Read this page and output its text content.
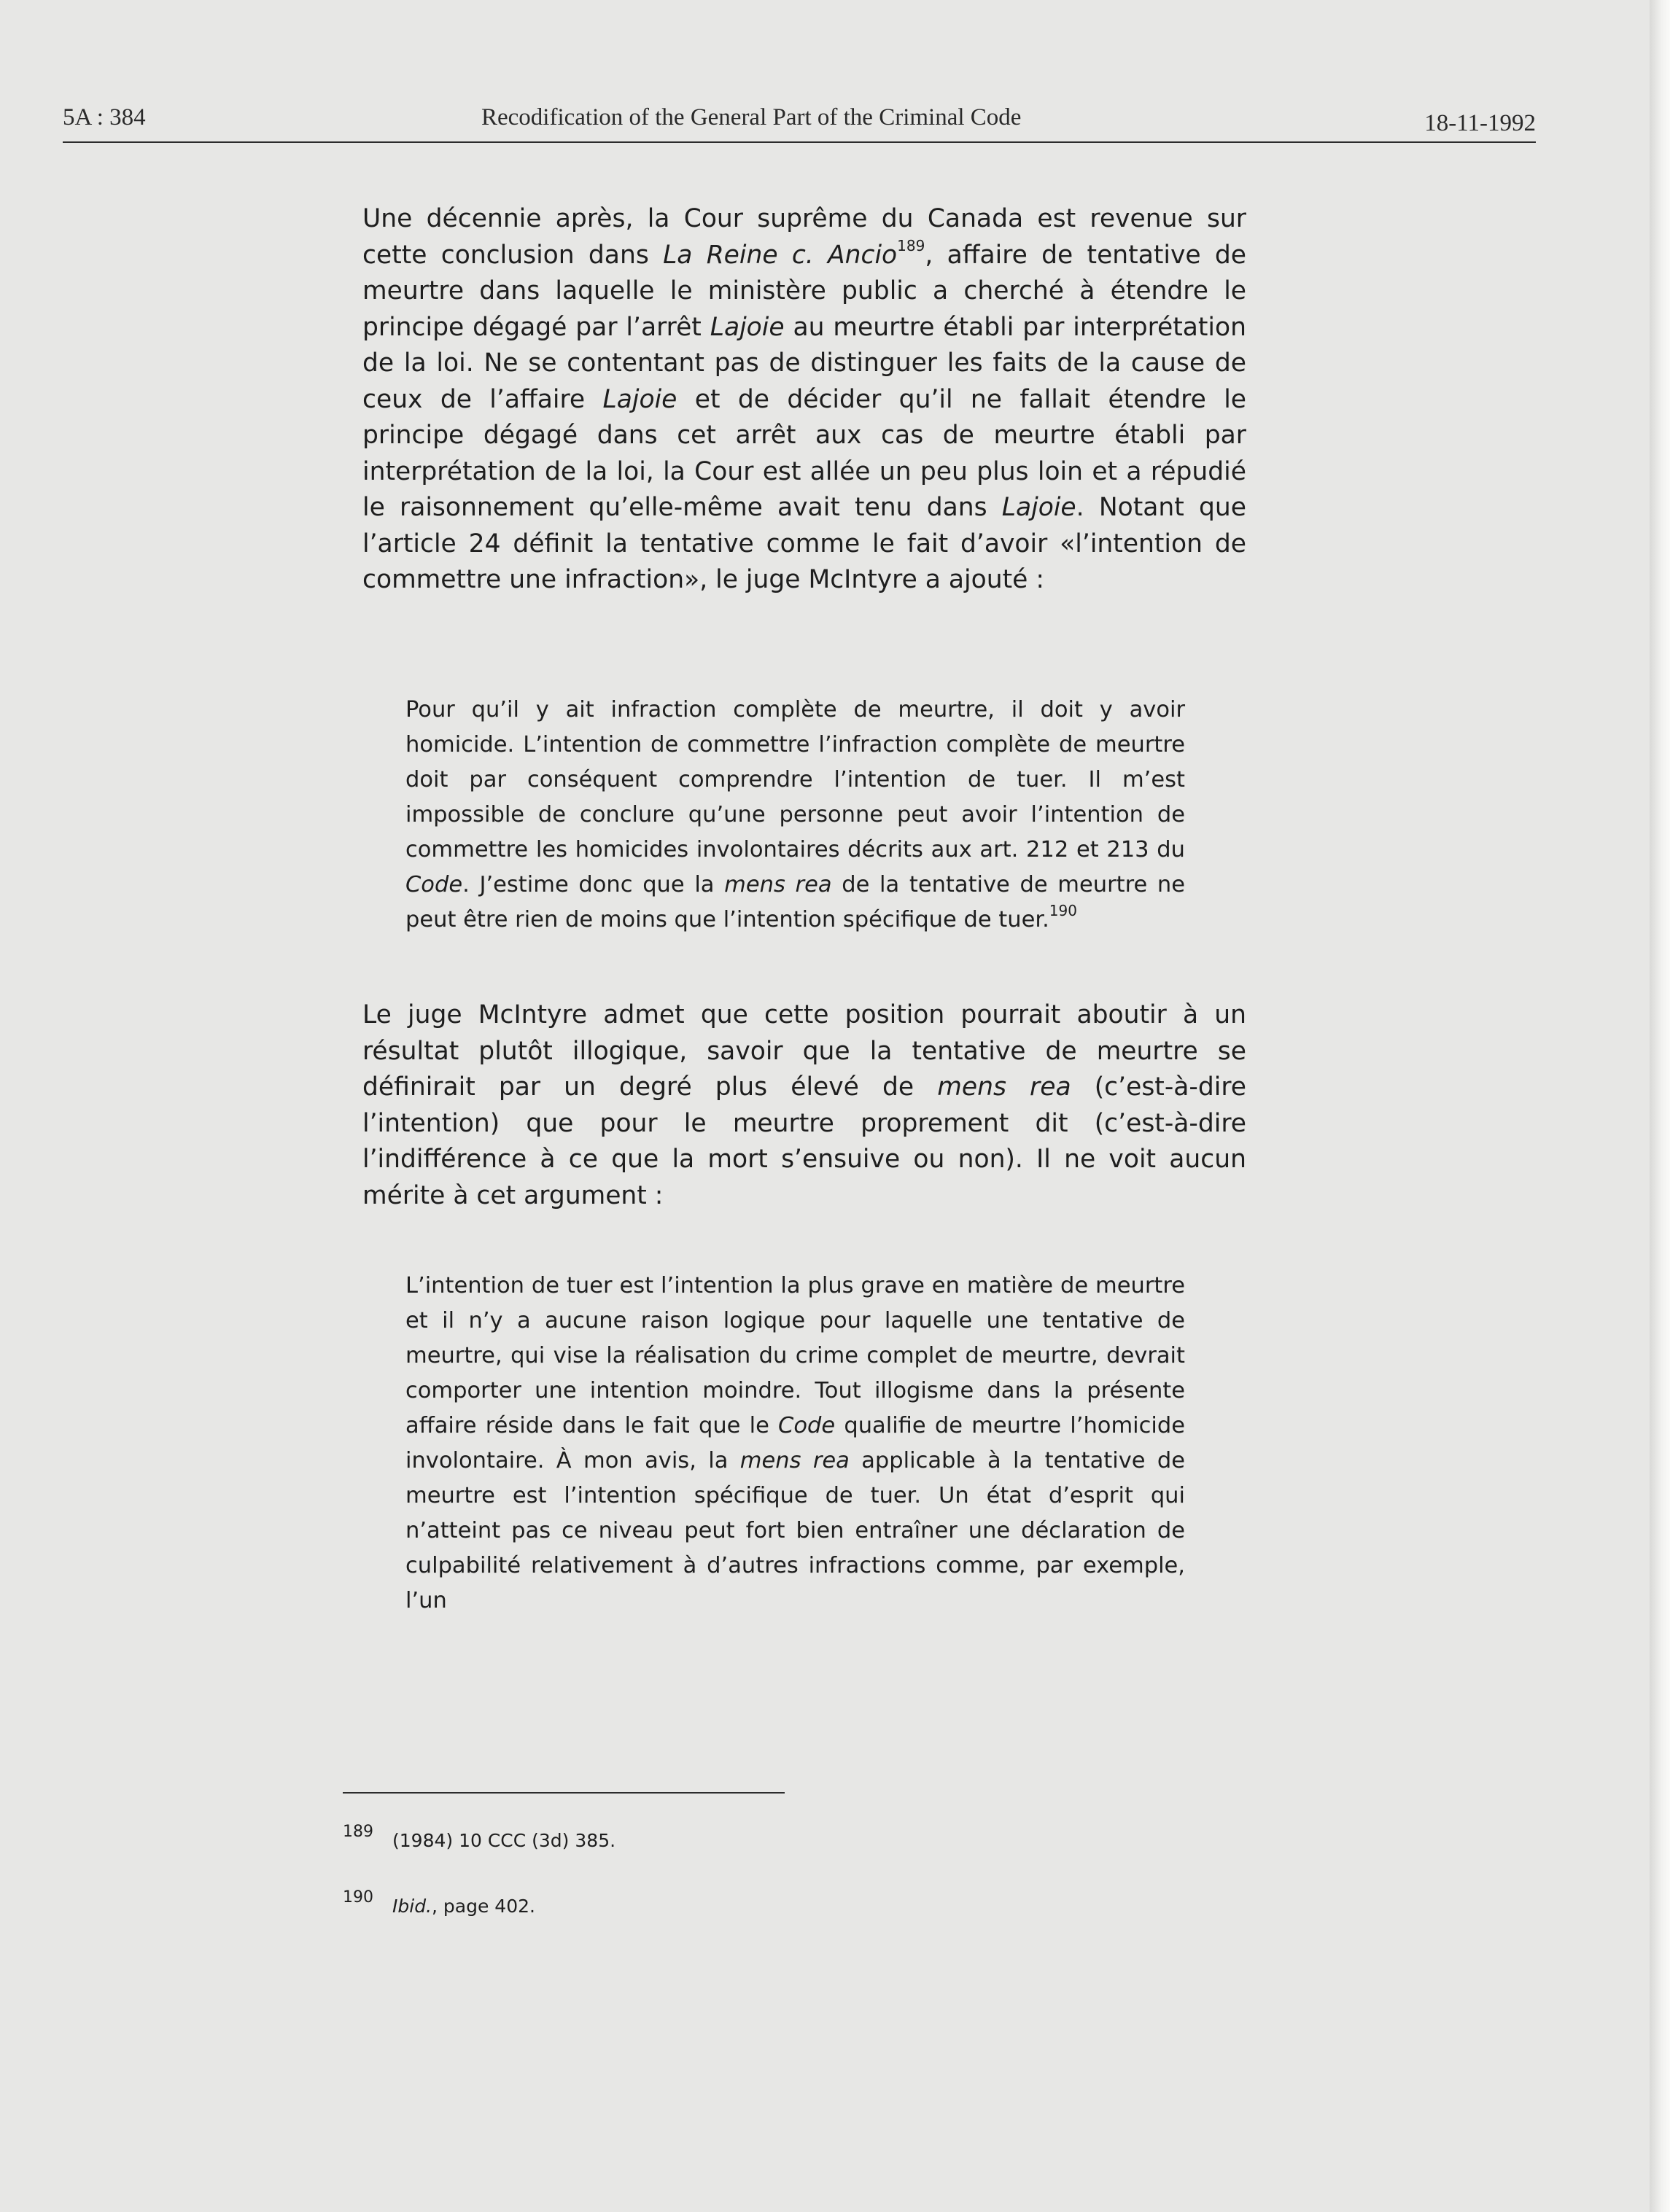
5A : 384	Recodification of the General Part of the Criminal Code	18-11-1992

Une décennie après, la Cour suprême du Canada est revenue sur cette conclusion dans La Reine c. Ancio$^{189}$, affaire de tentative de meurtre dans laquelle le ministère public a cherché à étendre le principe dégagé par l’arrêt Lajoie au meurtre établi par interprétation de la loi. Ne se contentant pas de distinguer les faits de la cause de ceux de l’affaire Lajoie et de décider qu’il ne fallait étendre le principe dégagé dans cet arrêt aux cas de meurtre établi par interprétation de la loi, la Cour est allée un peu plus loin et a répudié le raisonnement qu’elle-même avait tenu dans Lajoie. Notant que l’article 24 définit la tentative comme le fait d’avoir «l’intention de commettre une infraction», le juge McIntyre a ajouté :

Pour qu’il y ait infraction complète de meurtre, il doit y avoir homicide. L’intention de commettre l’infraction complète de meurtre doit par conséquent comprendre l’intention de tuer. Il m’est impossible de conclure qu’une personne peut avoir l’intention de commettre les homicides involontaires décrits aux art. 212 et 213 du Code. J’estime donc que la mens rea de la tentative de meurtre ne peut être rien de moins que l’intention spécifique de tuer.$^{190}$

Le juge McIntyre admet que cette position pourrait aboutir à un résultat plutôt illogique, savoir que la tentative de meurtre se définirait par un degré plus élevé de mens rea (c’est-à-dire l’intention) que pour le meurtre proprement dit (c’est-à-dire l’indifférence à ce que la mort s’ensuive ou non). Il ne voit aucun mérite à cet argument :

L’intention de tuer est l’intention la plus grave en matière de meurtre et il n’y a aucune raison logique pour laquelle une tentative de meurtre, qui vise la réalisation du crime complet de meurtre, devrait comporter une intention moindre. Tout illogisme dans la présente affaire réside dans le fait que le Code qualifie de meurtre l’homicide involontaire. À mon avis, la mens rea applicable à la tentative de meurtre est l’intention spécifique de tuer. Un état d’esprit qui n’atteint pas ce niveau peut fort bien entraîner une déclaration de culpabilité relativement à d’autres infractions comme, par exemple, l’un

189 (1984) 10 CCC (3d) 385.
190 Ibid., page 402.
